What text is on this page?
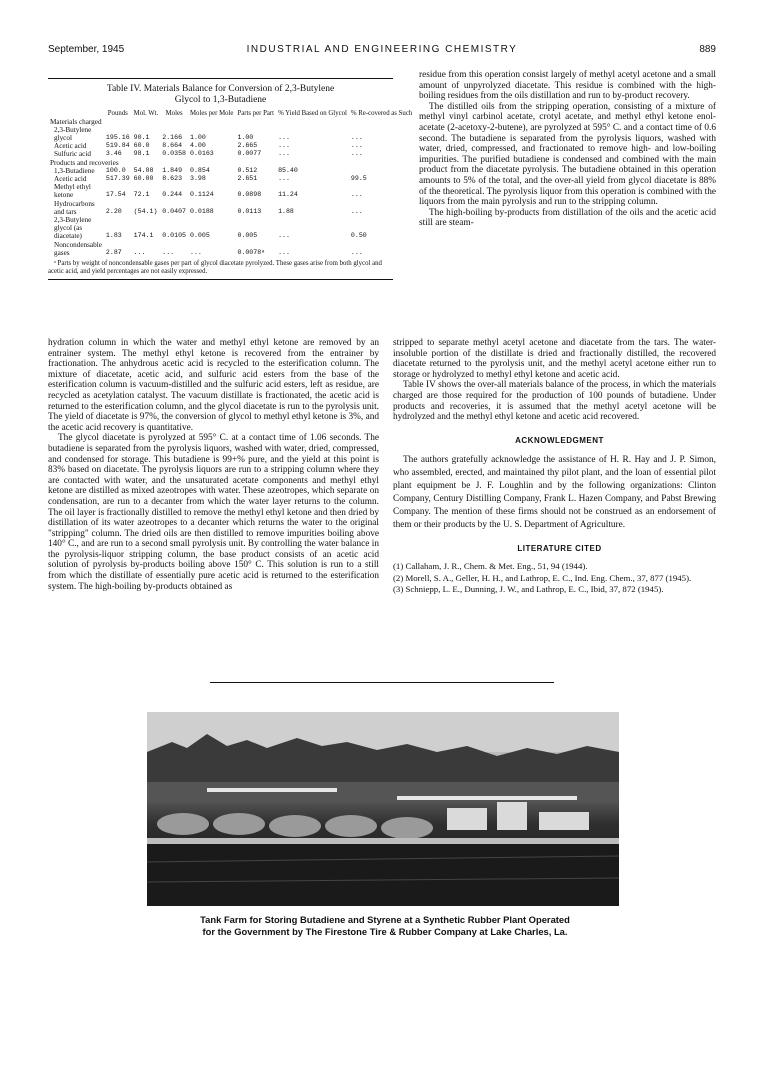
September, 1945	INDUSTRIAL AND ENGINEERING CHEMISTRY	889
Table IV. Materials Balance for Conversion of 2,3-Butylene
Glycol to 1,3-Butadiene
	Pounds	Mol. Wt.	Moles	Moles per Mole	Parts per Part	% Yield Based on Glycol	% Re-covered as Such
Materials charged							
2,3-Butylene glycol	195.16	90.1	2.166	1.00	1.00	...	...
Acetic acid	519.84	60.0	8.664	4.00	2.665	...	...
Sulfuric acid	3.46	98.1	0.0358	0.0163	0.0077	...	...
Products and recoveries							
1,3-Butadiene	100.0	54.08	1.849	0.854	0.512	85.40	
Acetic acid	517.39	60.00	8.623	3.98	2.651	...	99.5
Methyl ethyl ketone	17.54	72.1	0.244	0.1124	0.0898	11.24	...
Hydrocarbons and tars	2.20	(54.1)	0.0407	0.0188	0.0113	1.88	...
2,3-Butylene glycol (as diacetate)	1.83	174.1	0.0105	0.005	0.005	...	0.50
Noncondensable gases	2.87	...	...	...	0.0078ᵃ	...	...
ᵃ Parts by weight of noncondensable gases per part of glycol diacetate pyrolyzed. These gases arise from both glycol and acetic acid, and yield percentages are not easily expressed.

residue from this operation consist largely of methyl acetyl acetone and a small amount of unpyrolyzed diacetate. This residue is combined with the high-boiling residues from the oils distillation and run to by-product recovery.

The distilled oils from the stripping operation, consisting of a mixture of methyl vinyl carbinol acetate, crotyl acetate, and methyl ethyl ketone enol-acetate (2-acetoxy-2-butene), are pyrolyzed at 595° C. and a contact time of 0.6 second. The butadiene is separated from the pyrolysis liquors, washed with water, dried, compressed, and fractionated to remove high- and low-boiling impurities. The purified butadiene is condensed and combined with the main product from the diacetate pyrolysis. The butadiene obtained in this operation amounts to 5% of the total, and the over-all yield from glycol diacetate is 88% of the theoretical. The pyrolysis liquor from this operation is combined with the liquors from the main pyrolysis and run to the stripping column.

The high-boiling by-products from distillation of the oils and the acetic acid still are steam-

hydration column in which the water and methyl ethyl ketone are removed by an entrainer system. The methyl ethyl ketone is recovered from the entrainer by fractionation. The anhydrous acetic acid is recycled to the esterification column. The mixture of diacetate, acetic acid, and sulfuric acid esters from the base of the esterification column is vacuum-distilled and the sulfuric acid esters, left as residue, are recycled as acetylation catalyst. The vacuum distillate is fractionated, the acetic acid is returned to the esterification column, and the glycol diacetate is run to the pyrolysis unit. The yield of diacetate is 97%, the conversion of glycol to methyl ethyl ketone is 3%, and the acetic acid recovery is quantitative.

The glycol diacetate is pyrolyzed at 595° C. at a contact time of 1.06 seconds. The butadiene is separated from the pyrolysis liquors, washed with water, dried, compressed, and condensed for storage. This butadiene is 99+% pure, and the yield at this point is 83% based on diacetate. The pyrolysis liquors are run to a stripping column where they are contacted with water, and the unsaturated acetate components and methyl ethyl ketone are distilled as mixed azeotropes with water. These azeotropes, which separate on condensation, are run to a decanter from which the water layer returns to the column. The oil layer is fractionally distilled to remove the methyl ethyl ketone and then dried by distillation of its water azeotropes to a decanter which returns the water to the original "stripping" column. The dried oils are then distilled to remove impurities boiling above 140° C., and are run to a second small pyrolysis unit. By controlling the water balance in the pyrolysis-liquor stripping column, the base product consists of an acetic acid solution of pyrolysis by-products boiling above 150° C. This solution is run to a still from which the distillate of essentially pure acetic acid is returned to the esterification system. The high-boiling by-products obtained as

stripped to separate methyl acetyl acetone and diacetate from the tars. The water-insoluble portion of the distillate is dried and fractionally distilled, the recovered diacetate returned to the pyrolysis unit, and the methyl acetyl acetone either run to storage or hydrolyzed to methyl ethyl ketone and acetic acid.

Table IV shows the over-all materials balance of the process, in which the materials charged are those required for the production of 100 pounds of butadiene. Under products and recoveries, it is assumed that the methyl acetyl acetone will be hydrolyzed and the methyl ethyl ketone and acetic acid recovered.

ACKNOWLEDGMENT

The authors gratefully acknowledge the assistance of H. R. Hay and J. P. Simon, who assembled, erected, and maintained thy pilot plant, and the loan of essential pilot plant equipment be J. F. Loughlin and by the following organizations: Clinton Company, Century Distilling Company, Frank L. Hazen Company, and Pabst Brewing Company. The mention of these firms should not be construed as an endorsement of them or their products by the U. S. Department of Agriculture.

LITERATURE CITED

(1) Callaham, J. R., Chem. & Met. Eng., 51, 94 (1944).
(2) Morell, S. A., Geller, H. H., and Lathrop, E. C., Ind. Eng. Chem., 37, 877 (1945).
(3) Schniepp, L. E., Dunning, J. W., and Lathrop, E. C., Ibid, 37, 872 (1945).
Tank Farm for Storing Butadiene and Styrene at a Synthetic Rubber Plant Operated
for the Government by The Firestone Tire & Rubber Company at Lake Charles, La.
